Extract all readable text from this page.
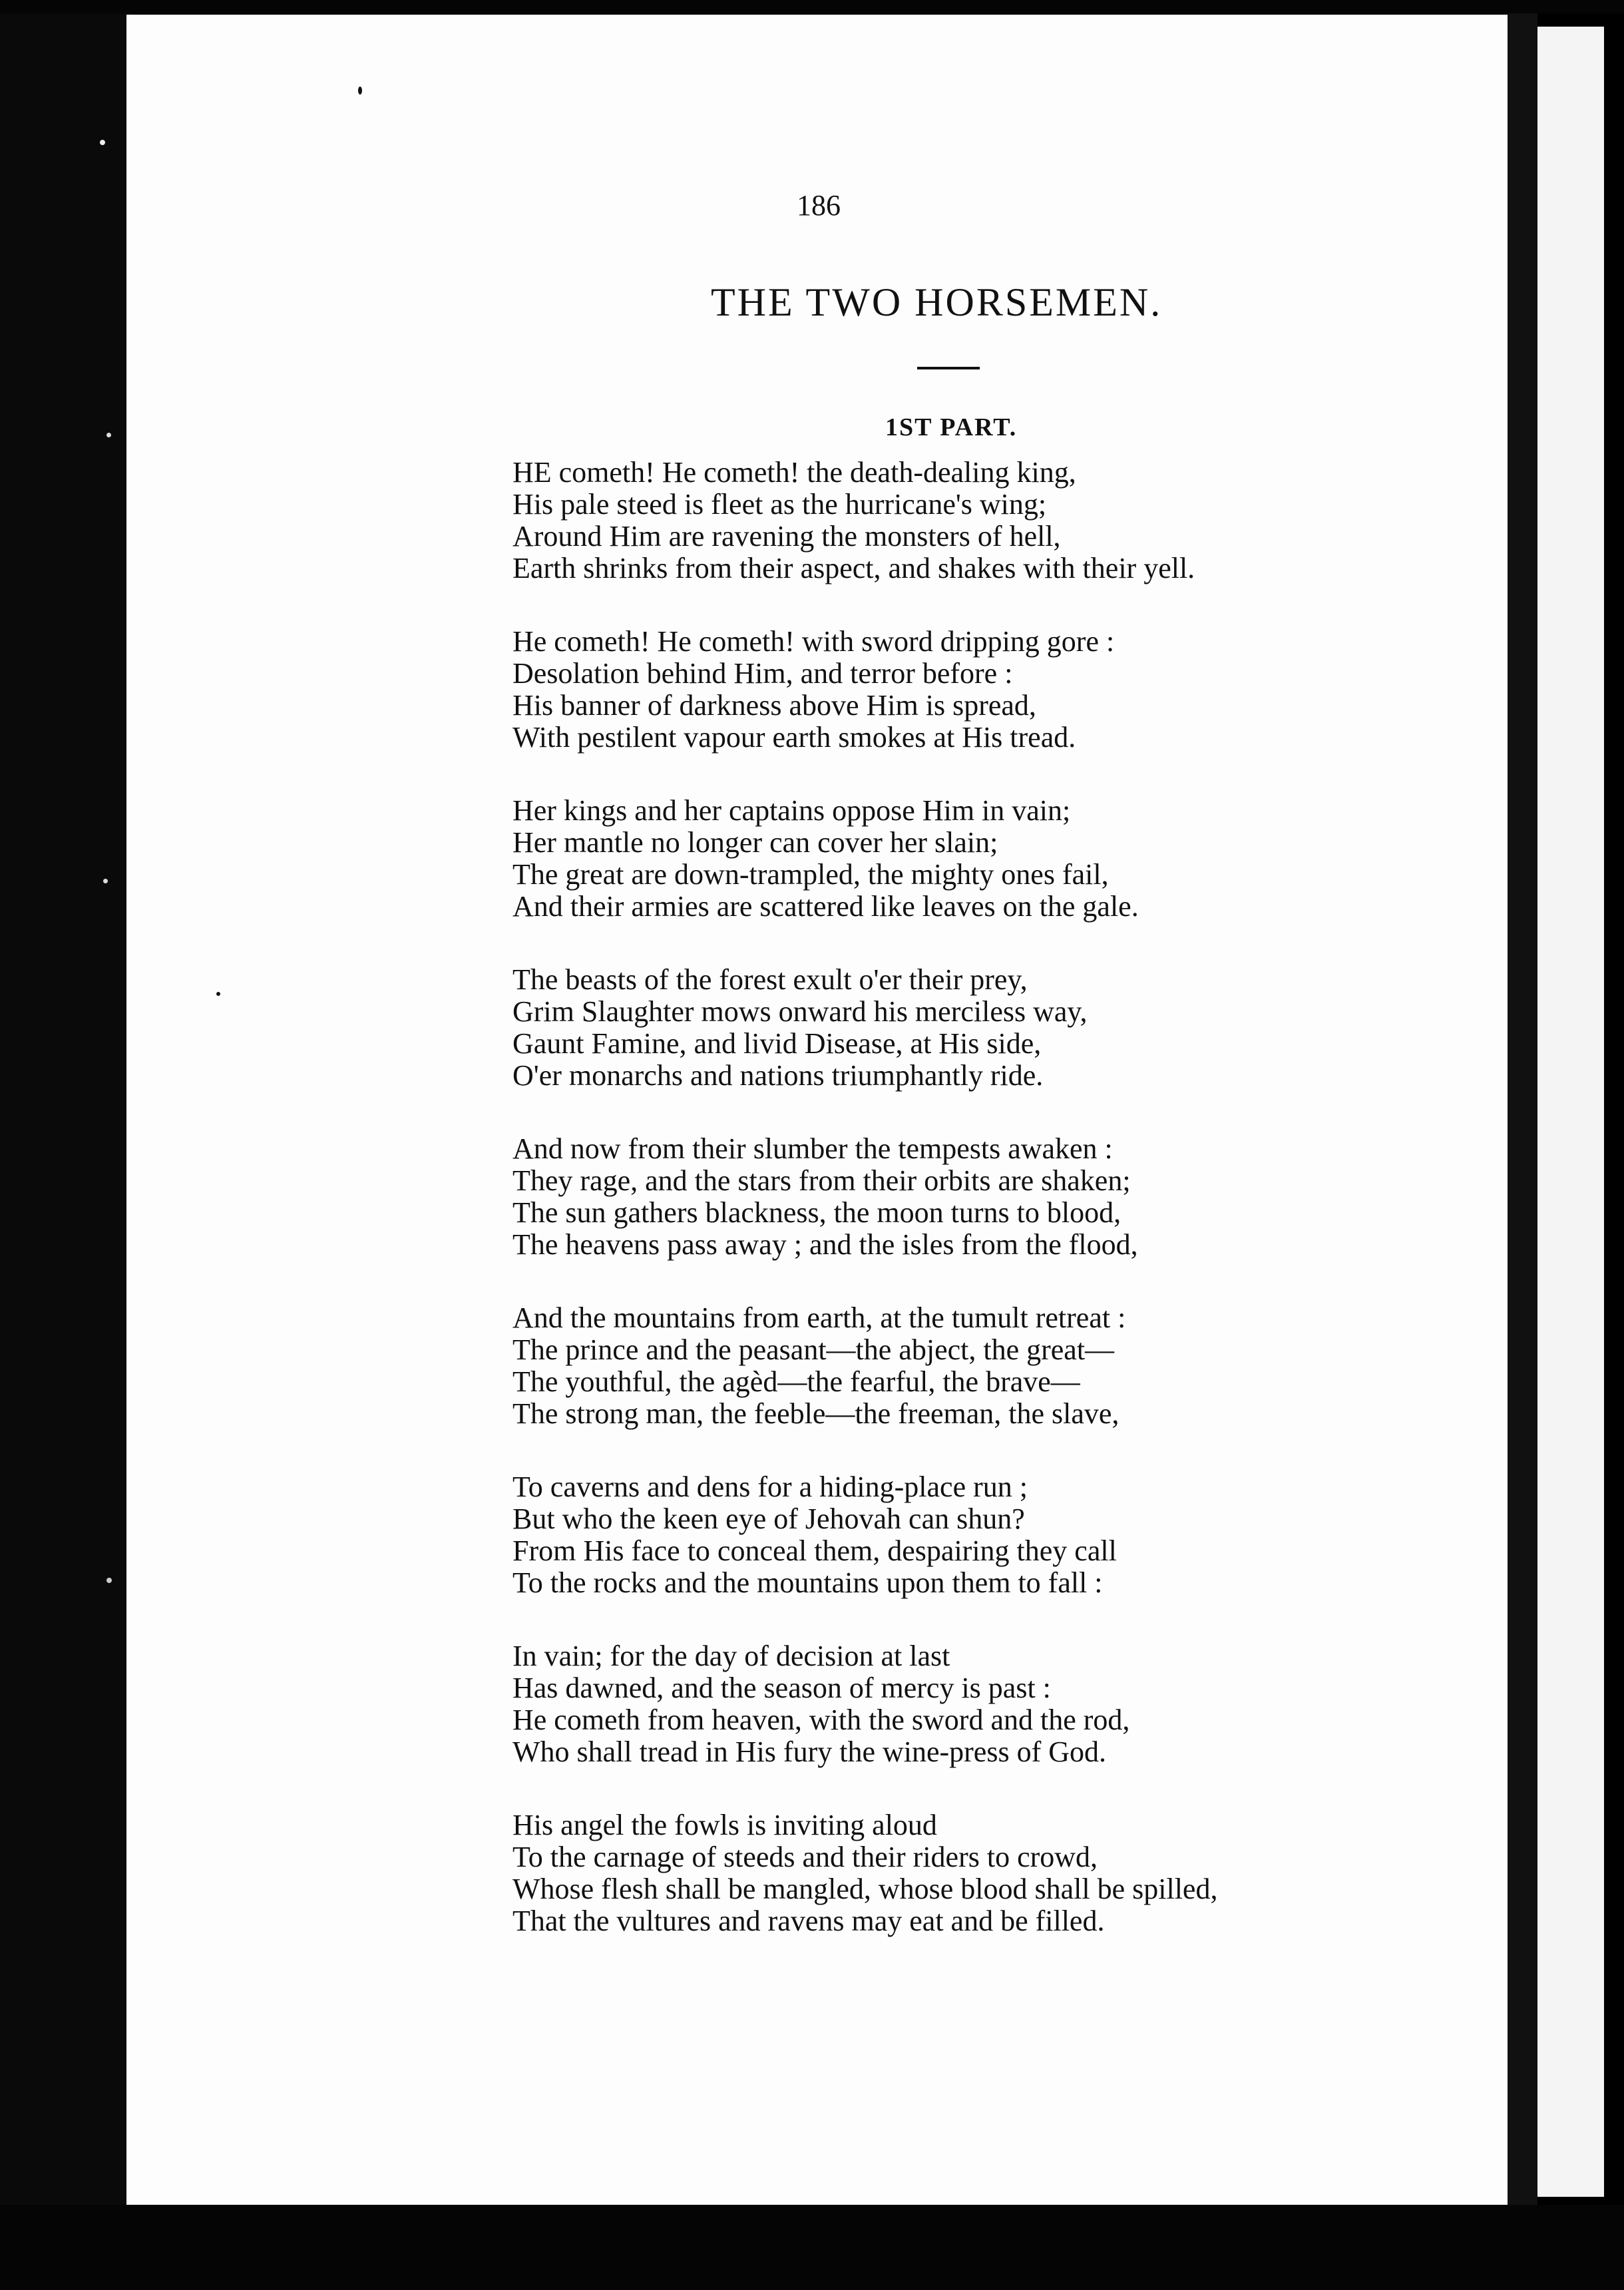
186
THE TWO HORSEMEN.
1ST PART.
HE cometh! He cometh! the death-dealing king,
His pale steed is fleet as the hurricane's wing;
Around Him are ravening the monsters of hell,
Earth shrinks from their aspect, and shakes with their yell.
He cometh! He cometh! with sword dripping gore :
Desolation behind Him, and terror before :
His banner of darkness above Him is spread,
With pestilent vapour earth smokes at His tread.
Her kings and her captains oppose Him in vain;
Her mantle no longer can cover her slain;
The great are down-trampled, the mighty ones fail,
And their armies are scattered like leaves on the gale.
The beasts of the forest exult o'er their prey,
Grim Slaughter mows onward his merciless way,
Gaunt Famine, and livid Disease, at His side,
O'er monarchs and nations triumphantly ride.
And now from their slumber the tempests awaken :
They rage, and the stars from their orbits are shaken;
The sun gathers blackness, the moon turns to blood,
The heavens pass away ; and the isles from the flood,
And the mountains from earth, at the tumult retreat :
The prince and the peasant—the abject, the great—
The youthful, the agèd—the fearful, the brave—
The strong man, the feeble—the freeman, the slave,
To caverns and dens for a hiding-place run ;
But who the keen eye of Jehovah can shun?
From His face to conceal them, despairing they call
To the rocks and the mountains upon them to fall :
In vain; for the day of decision at last
Has dawned, and the season of mercy is past :
He cometh from heaven, with the sword and the rod,
Who shall tread in His fury the wine-press of God.
His angel the fowls is inviting aloud
To the carnage of steeds and their riders to crowd,
Whose flesh shall be mangled, whose blood shall be spilled,
That the vultures and ravens may eat and be filled.
